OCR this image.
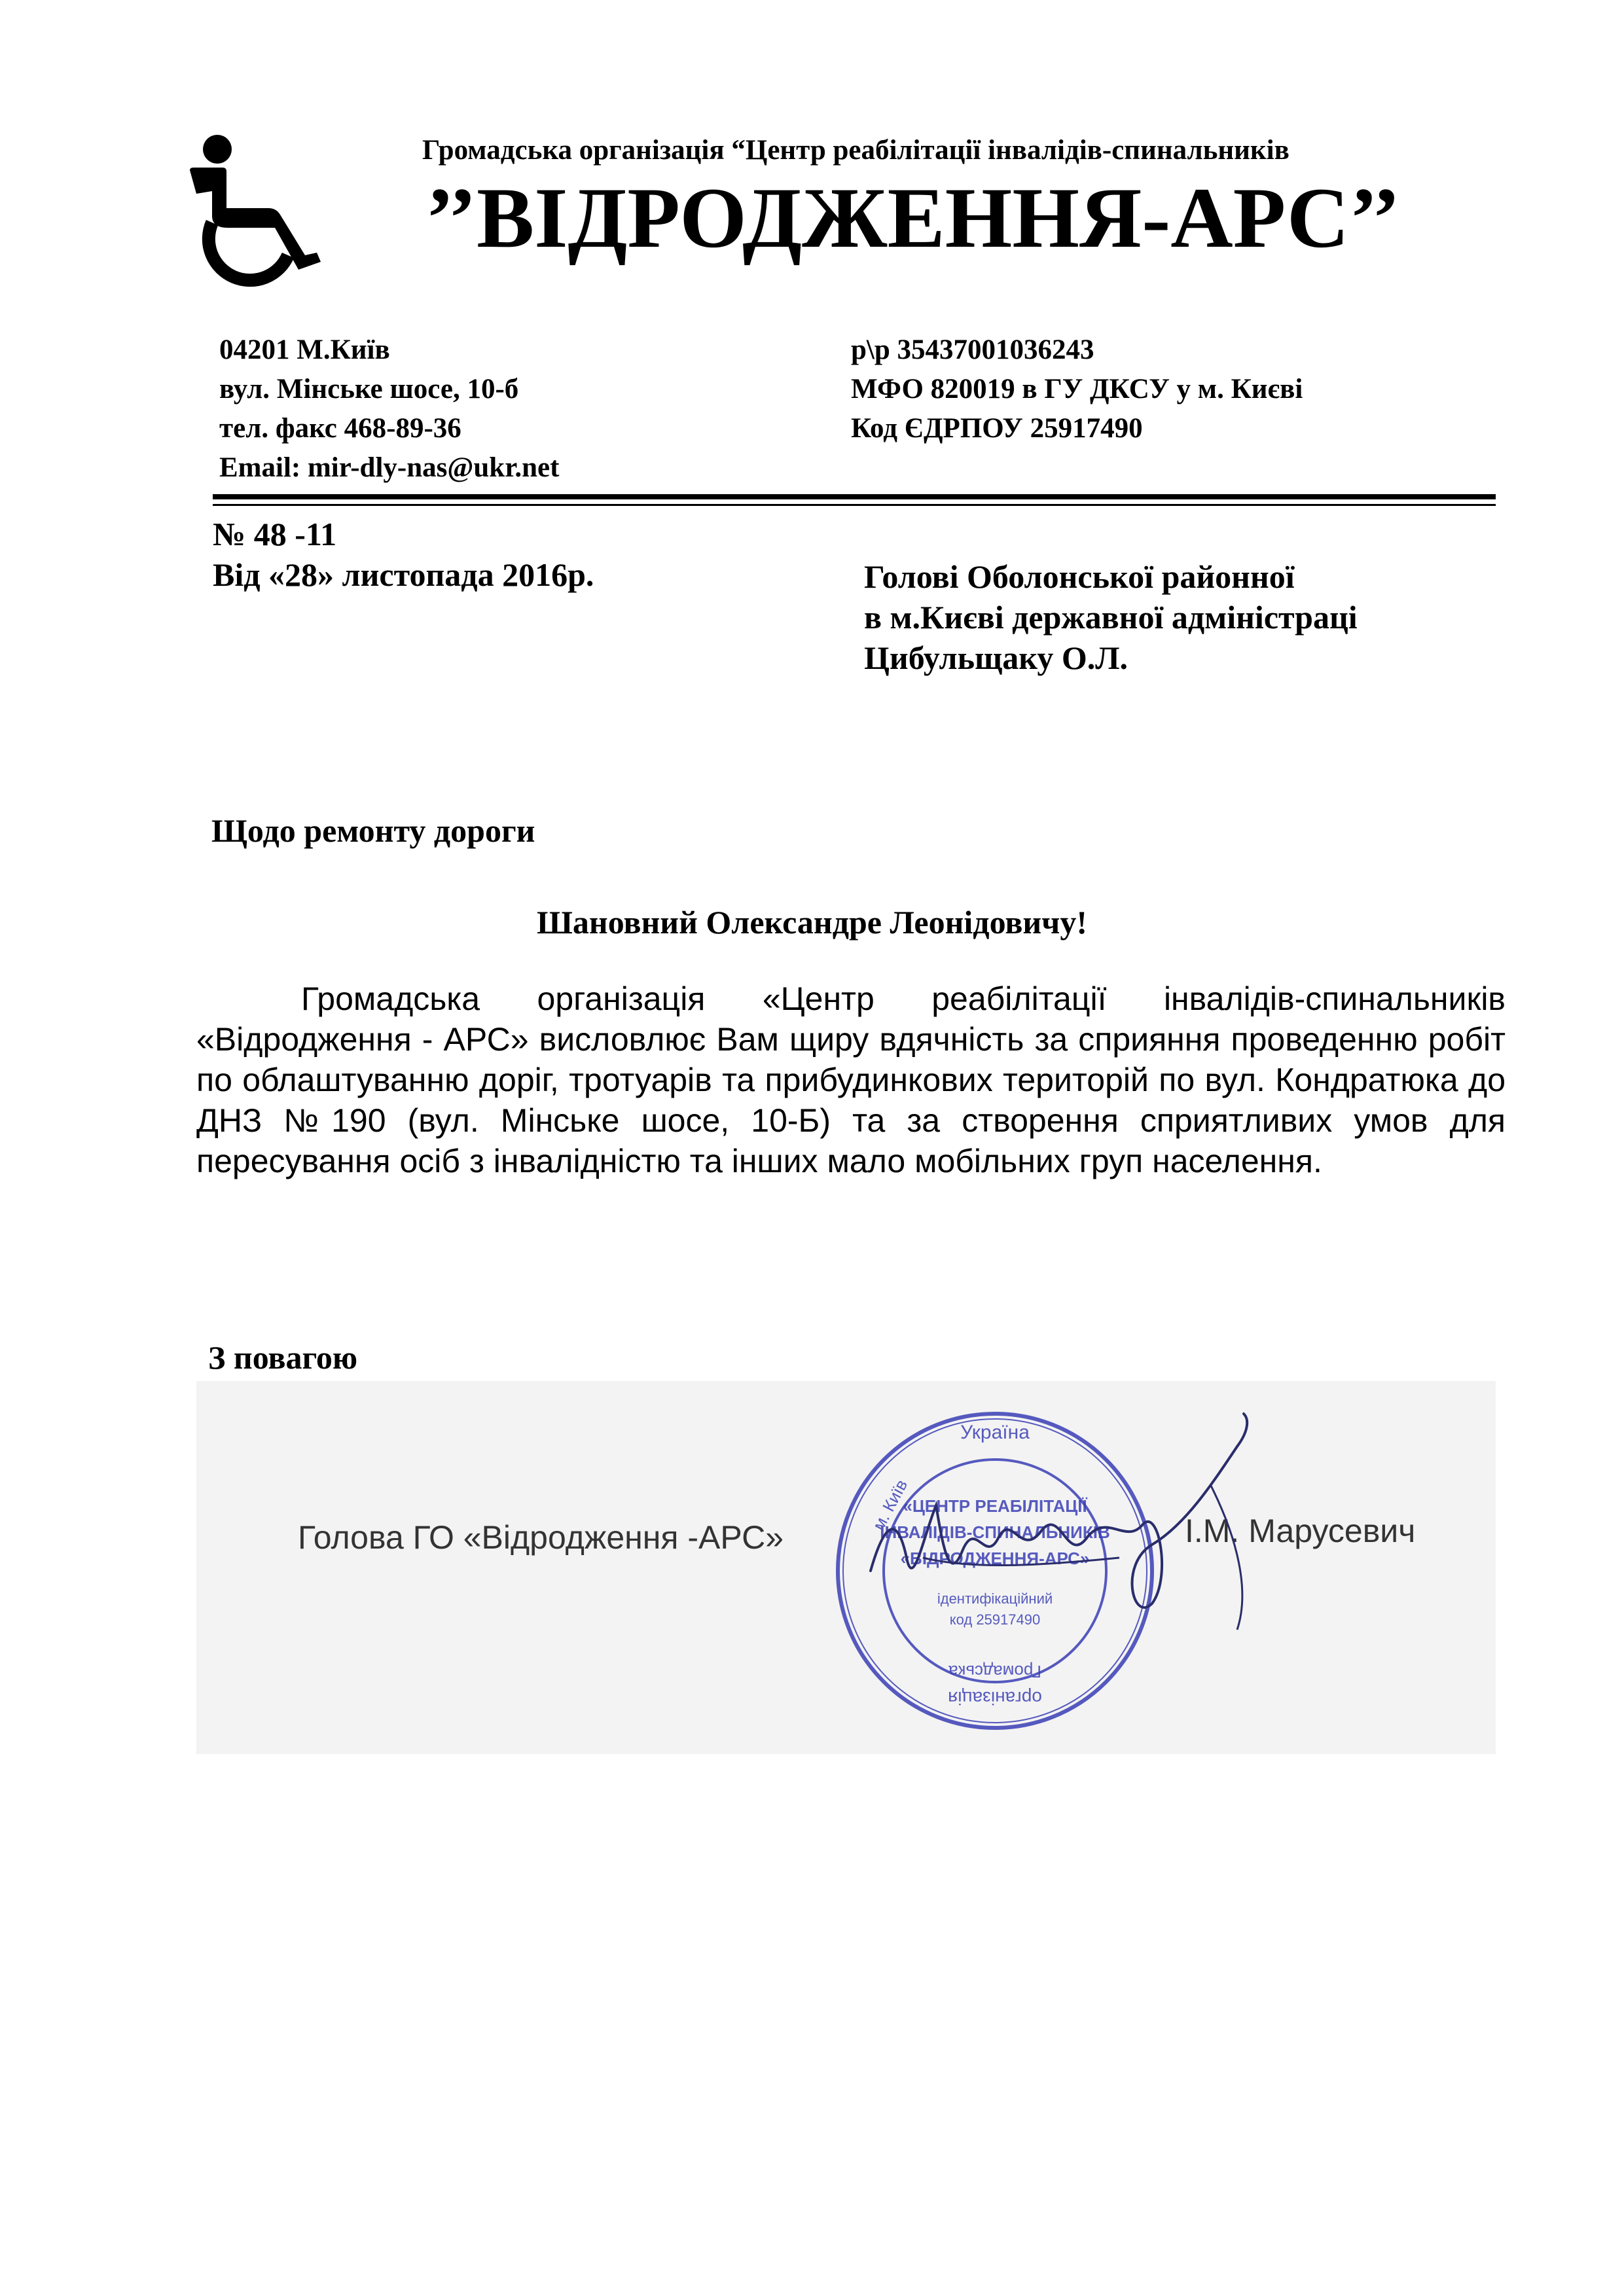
Громадська організація “Центр реабілітації інвалідів-спинальників
’’ВІДРОДЖЕННЯ-АРС’’
04201 М.Київ
вул. Мінське шосе, 10-б
тел. факс 468-89-36
Email: mir-dly-nas@ukr.net
р\р 35437001036243
МФО 820019 в ГУ ДКСУ у м. Києві
Код ЄДРПОУ 25917490
№ 48 -11
Від «28» листопада 2016р.	Голові Оболонської районної
в м.Києві державної адміністраці
Цибульщаку О.Л.
Щодо ремонту дороги
Шановний Олександре Леонідовичу!
Громадська організація «Центр реабілітації інвалідів-спинальників «Відродження - АРС» висловлює Вам щиру вдячність за сприяння проведенню робіт по облаштуванню доріг, тротуарів та прибудинкових територій по вул. Кондратюка до ДНЗ №190 (вул. Мінське шосе, 10-Б) та за створення сприятливих умов для пересування осіб з інвалідністю та інших мало мобільних груп населення.
З повагою
Голова ГО «Відродження -АРС»	І.М. Марусевич
Україна
м. Київ
«ЦЕНТР РЕАБІЛІТАЦІЇ
ІНВАЛІДІВ-СПИНАЛЬНИКІВ
«ВІДРОДЖЕННЯ-АРС»
ідентифікаційний
код 25917490
організація
Громадська
